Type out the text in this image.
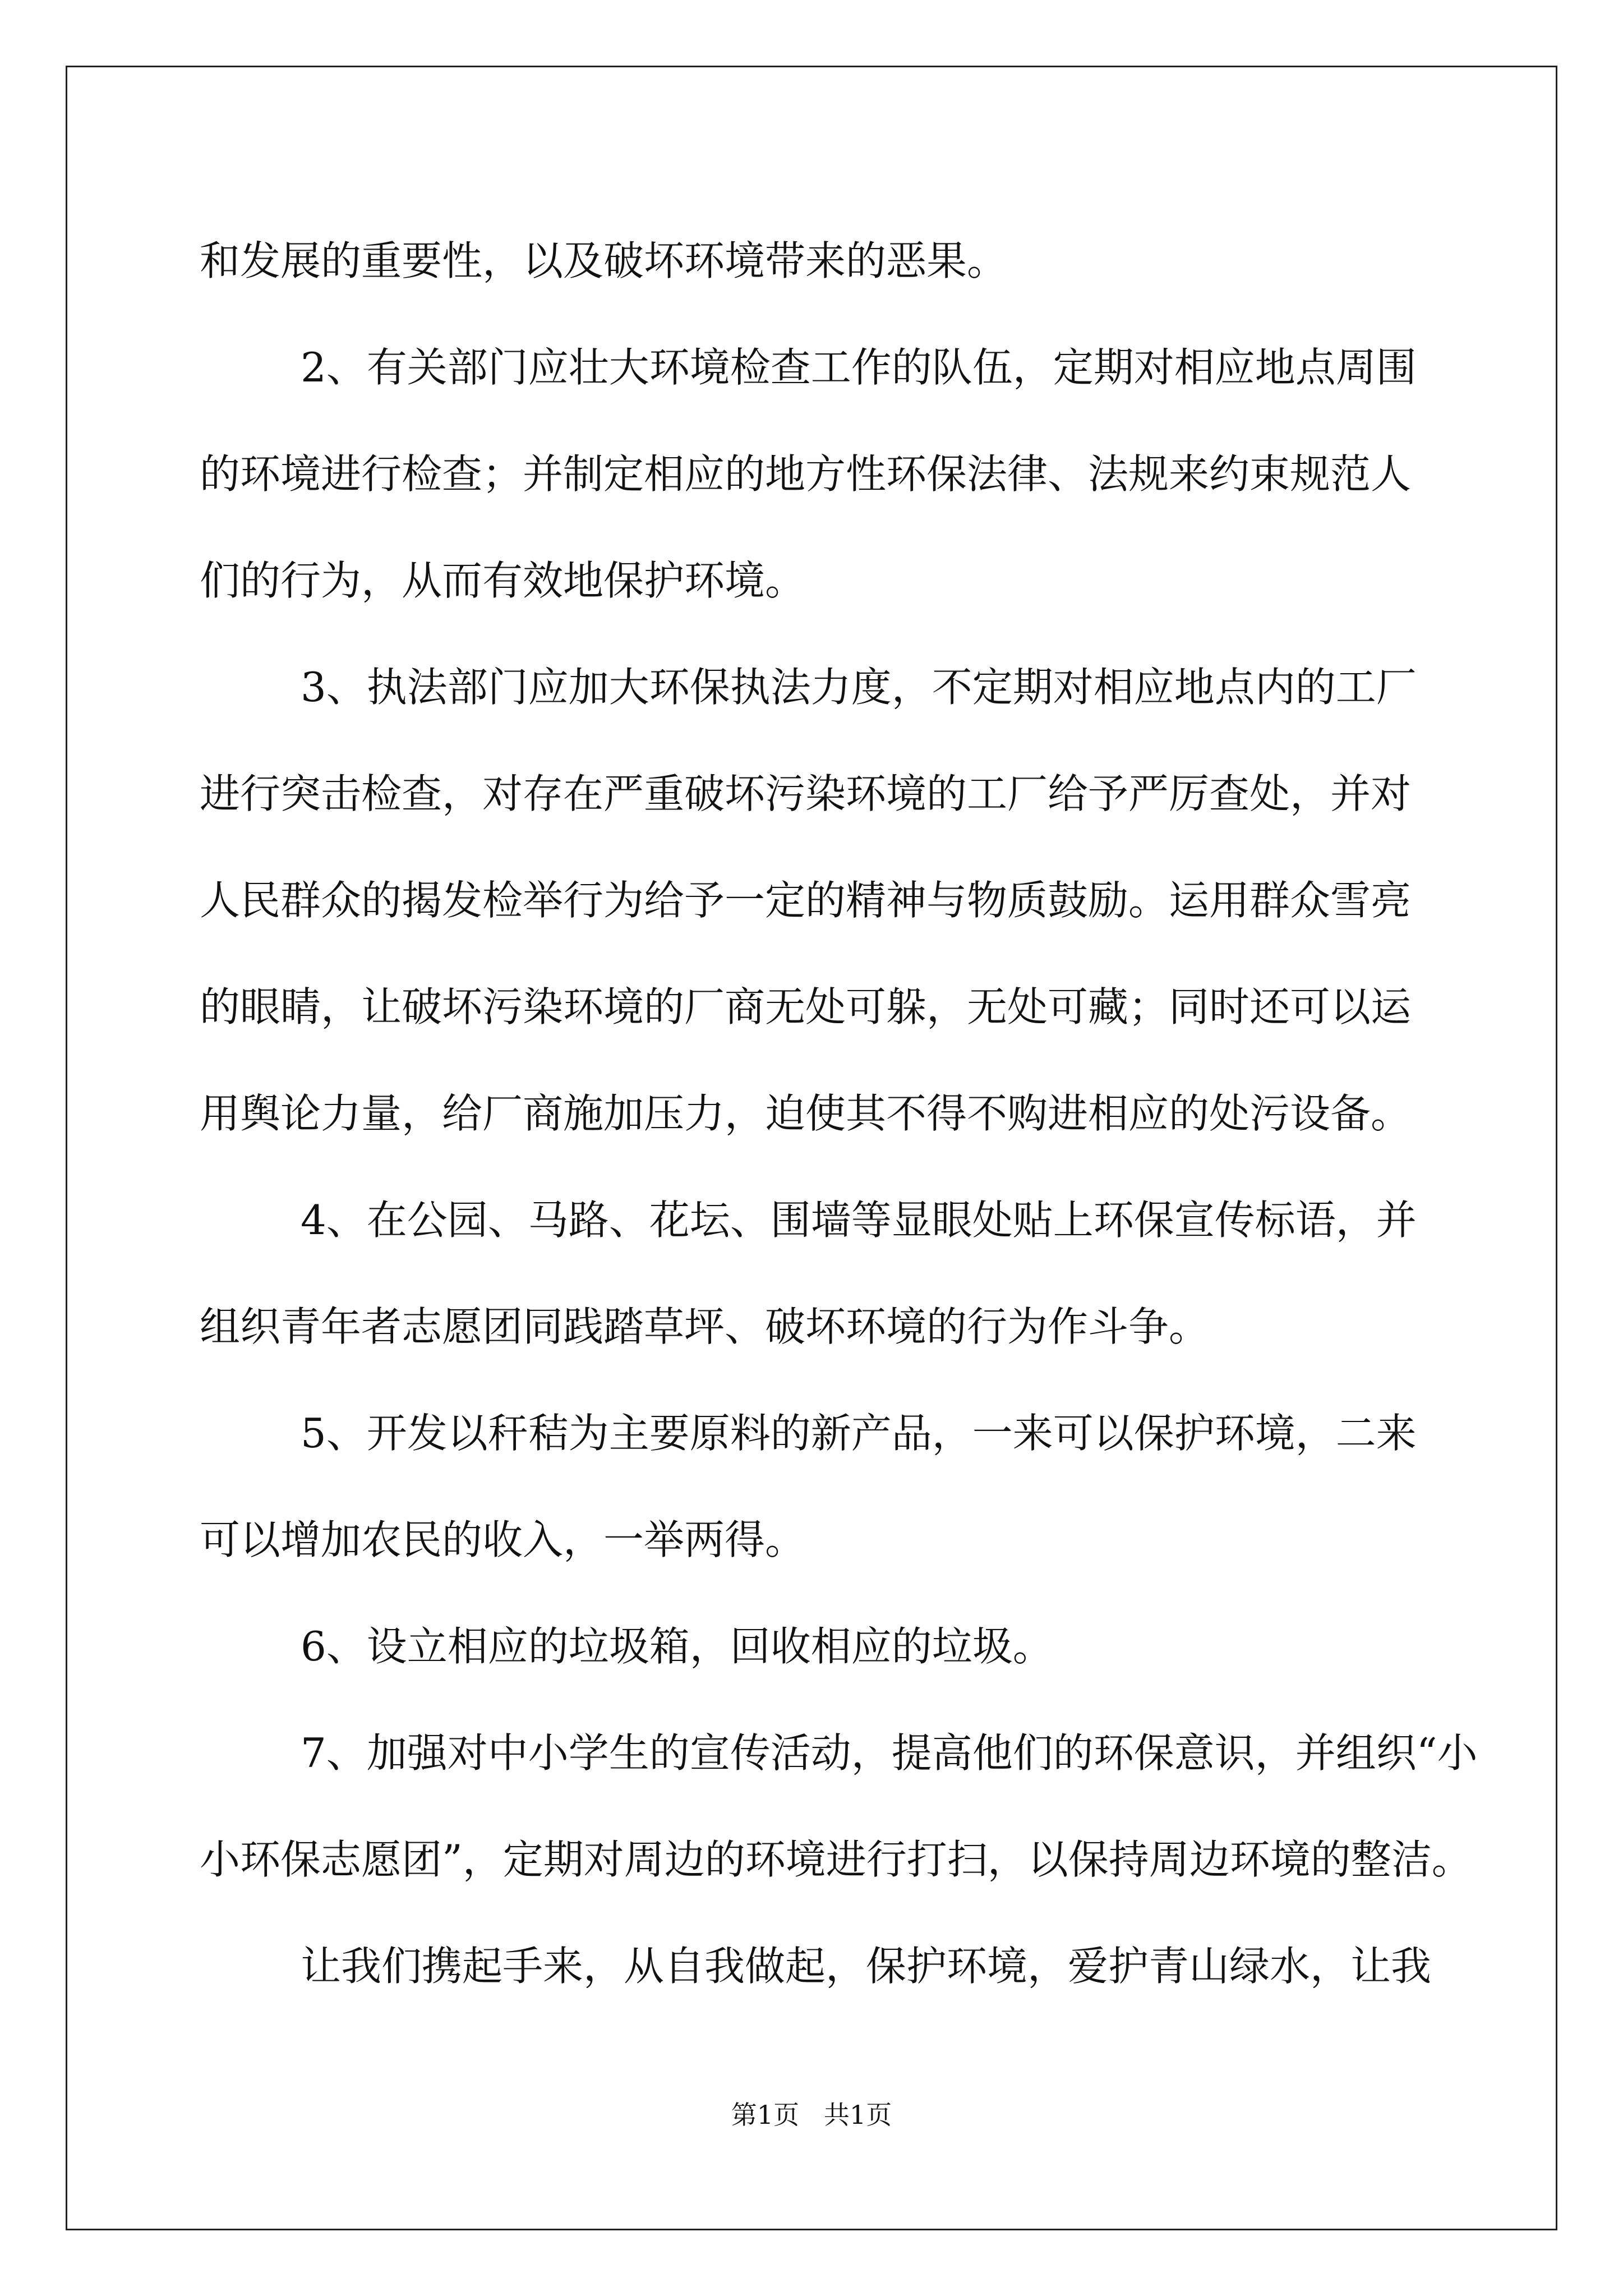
和发展的重要性，以及破坏环境带来的恶果。
2、有关部门应壮大环境检查工作的队伍，定期对相应地点周围
的环境进行检查；并制定相应的地方性环保法律、法规来约束规范人
们的行为，从而有效地保护环境。
3、执法部门应加大环保执法力度，不定期对相应地点内的工厂
进行突击检查，对存在严重破坏污染环境的工厂给予严厉查处，并对
人民群众的揭发检举行为给予一定的精神与物质鼓励。运用群众雪亮
的眼睛，让破坏污染环境的厂商无处可躲，无处可藏；同时还可以运
用舆论力量，给厂商施加压力，迫使其不得不购进相应的处污设备。
4、在公园、马路、花坛、围墙等显眼处贴上环保宣传标语，并
组织青年者志愿团同践踏草坪、破坏环境的行为作斗争。
5、开发以秆秸为主要原料的新产品，一来可以保护环境，二来
可以增加农民的收入，一举两得。
6、设立相应的垃圾箱，回收相应的垃圾。
7、加强对中小学生的宣传活动，提高他们的环保意识，并组织“小
小环保志愿团”，定期对周边的环境进行打扫，以保持周边环境的整洁。
让我们携起手来，从自我做起，保护环境，爱护青山绿水，让我
第1页   共1页
